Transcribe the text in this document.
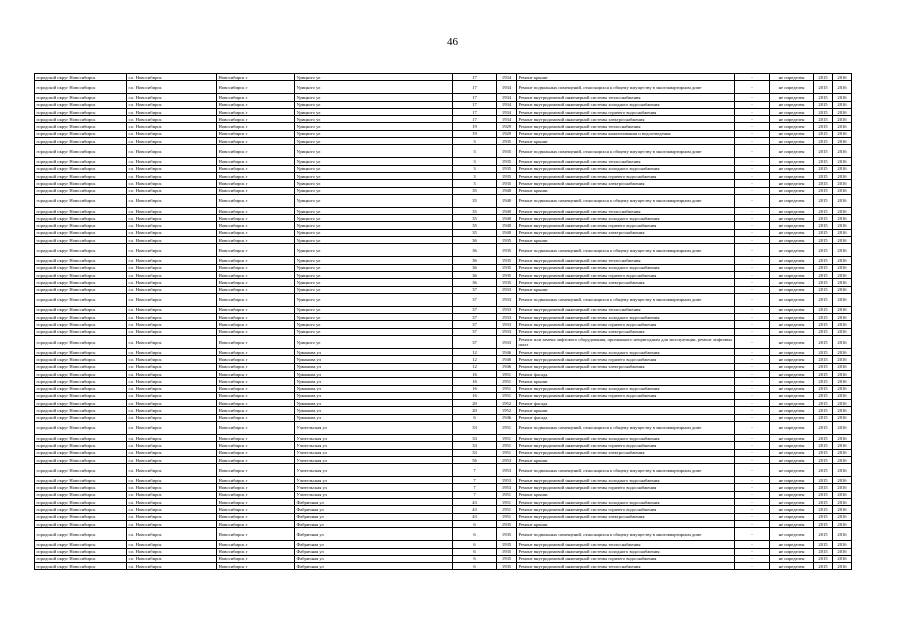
46
городской округ Новосибирск	г.о. Новосибирск	Новосибирск г	Урицкого ул	17	1934	Ремонт крыши	-	не определен	2015	2016
городской округ Новосибирск	г.о. Новосибирск	Новосибирск г	Урицкого ул	17	1934	Ремонт подвальных помещений, относящихся к общему имуществу в многоквартирном доме	-	не определен	2015	2016
городской округ Новосибирск	г.о. Новосибирск	Новосибирск г	Урицкого ул	17	1934	Ремонт внутридомовой инженерной системы теплоснабжения	-	не определен	2015	2016
городской округ Новосибирск	г.о. Новосибирск	Новосибирск г	Урицкого ул	17	1934	Ремонт внутридомовой инженерной системы холодного водоснабжения	-	не определен	2015	2016
городской округ Новосибирск	г.о. Новосибирск	Новосибирск г	Урицкого ул	17	1934	Ремонт внутридомовой инженерной системы горячего водоснабжения	-	не определен	2015	2016
городской округ Новосибирск	г.о. Новосибирск	Новосибирск г	Урицкого ул	17	1934	Ремонт внутридомовой инженерной системы электроснабжения	-	не определен	2015	2016
городской округ Новосибирск	г.о. Новосибирск	Новосибирск г	Урицкого ул	19	1929	Ремонт внутридомовой инженерной системы теплоснабжения	-	не определен	2015	2016
городской округ Новосибирск	г.о. Новосибирск	Новосибирск г	Урицкого ул	19	1929	Ремонт внутридомовой инженерной системы канализования и водоотведения	-	не определен	2015	2016
городской округ Новосибирск	г.о. Новосибирск	Новосибирск г	Урицкого ул	3	1935	Ремонт крыши	-	не определен	2015	2016
городской округ Новосибирск	г.о. Новосибирск	Новосибирск г	Урицкого ул	3	1935	Ремонт подвальных помещений, относящихся к общему имуществу в многоквартирном доме	-	не определен	2015	2016
городской округ Новосибирск	г.о. Новосибирск	Новосибирск г	Урицкого ул	3	1935	Ремонт внутридомовой инженерной системы теплоснабжения	-	не определен	2015	2016
городской округ Новосибирск	г.о. Новосибирск	Новосибирск г	Урицкого ул	3	1935	Ремонт внутридомовой инженерной системы холодного водоснабжения	-	не определен	2015	2016
городской округ Новосибирск	г.о. Новосибирск	Новосибирск г	Урицкого ул	3	1935	Ремонт внутридомовой инженерной системы горячего водоснабжения	-	не определен	2015	2016
городской округ Новосибирск	г.о. Новосибирск	Новосибирск г	Урицкого ул	3	1935	Ремонт внутридомовой инженерной системы электроснабжения	-	не определен	2015	2016
городской округ Новосибирск	г.о. Новосибирск	Новосибирск г	Урицкого ул	35	1940	Ремонт крыши	-	не определен	2015	2016
городской округ Новосибирск	г.о. Новосибирск	Новосибирск г	Урицкого ул	35	1940	Ремонт подвальных помещений, относящихся к общему имуществу в многоквартирном доме	-	не определен	2015	2016
городской округ Новосибирск	г.о. Новосибирск	Новосибирск г	Урицкого ул	35	1940	Ремонт внутридомовой инженерной системы теплоснабжения	-	не определен	2015	2016
городской округ Новосибирск	г.о. Новосибирск	Новосибирск г	Урицкого ул	35	1940	Ремонт внутридомовой инженерной системы холодного водоснабжения	-	не определен	2015	2016
городской округ Новосибирск	г.о. Новосибирск	Новосибирск г	Урицкого ул	35	1940	Ремонт внутридомовой инженерной системы горячего водоснабжения	-	не определен	2015	2016
городской округ Новосибирск	г.о. Новосибирск	Новосибирск г	Урицкого ул	35	1940	Ремонт внутридомовой инженерной системы электроснабжения	-	не определен	2015	2016
городской округ Новосибирск	г.о. Новосибирск	Новосибирск г	Урицкого ул	36	1935	Ремонт крыши	-	не определен	2015	2016
городской округ Новосибирск	г.о. Новосибирск	Новосибирск г	Урицкого ул	36	1935	Ремонт подвальных помещений, относящихся к общему имуществу в многоквартирном доме	-	не определен	2015	2016
городской округ Новосибирск	г.о. Новосибирск	Новосибирск г	Урицкого ул	36	1935	Ремонт внутридомовой инженерной системы теплоснабжения	-	не определен	2015	2016
городской округ Новосибирск	г.о. Новосибирск	Новосибирск г	Урицкого ул	36	1935	Ремонт внутридомовой инженерной системы холодного водоснабжения	-	не определен	2015	2016
городской округ Новосибирск	г.о. Новосибирск	Новосибирск г	Урицкого ул	36	1935	Ремонт внутридомовой инженерной системы горячего водоснабжения	-	не определен	2015	2016
городской округ Новосибирск	г.о. Новосибирск	Новосибирск г	Урицкого ул	36	1935	Ремонт внутридомовой инженерной системы электроснабжения	-	не определен	2015	2016
городской округ Новосибирск	г.о. Новосибирск	Новосибирск г	Урицкого ул	37	1933	Ремонт крыши	-	не определен	2015	2016
городской округ Новосибирск	г.о. Новосибирск	Новосибирск г	Урицкого ул	37	1933	Ремонт подвальных помещений, относящихся к общему имуществу в многоквартирном доме	-	не определен	2015	2016
городской округ Новосибирск	г.о. Новосибирск	Новосибирск г	Урицкого ул	37	1933	Ремонт внутридомовой инженерной системы теплоснабжения	-	не определен	2015	2016
городской округ Новосибирск	г.о. Новосибирск	Новосибирск г	Урицкого ул	37	1933	Ремонт внутридомовой инженерной системы холодного водоснабжения	-	не определен	2015	2016
городской округ Новосибирск	г.о. Новосибирск	Новосибирск г	Урицкого ул	37	1933	Ремонт внутридомовой инженерной системы горячего водоснабжения	-	не определен	2015	2016
городской округ Новосибирск	г.о. Новосибирск	Новосибирск г	Урицкого ул	37	1933	Ремонт внутридомовой инженерной системы электроснабжения	-	не определен	2015	2016
городской округ Новосибирск	г.о. Новосибирск	Новосибирск г	Урицкого ул	37	1933	Ремонт или замена лифтового оборудования, признанного непригодным для эксплуатации, ремонт лифтовых шахт	-	не определен	2015	2016
городской округ Новосибирск	г.о. Новосибирск	Новосибирск г	Урманова ул	12	1946	Ремонт внутридомовой инженерной системы холодного водоснабжения	-	не определен	2015	2016
городской округ Новосибирск	г.о. Новосибирск	Новосибирск г	Урманова ул	12	1946	Ремонт внутридомовой инженерной системы горячего водоснабжения	-	не определен	2015	2016
городской округ Новосибирск	г.о. Новосибирск	Новосибирск г	Урманова ул	12	1946	Ремонт внутридомовой инженерной системы электроснабжения	-	не определен	2015	2016
городской округ Новосибирск	г.о. Новосибирск	Новосибирск г	Урманова ул	16	1951	Ремонт фасада	-	не определен	2015	2016
городской округ Новосибирск	г.о. Новосибирск	Новосибирск г	Урманова ул	16	1951	Ремонт крыши	-	не определен	2015	2016
городской округ Новосибирск	г.о. Новосибирск	Новосибирск г	Урманова ул	16	1951	Ремонт внутридомовой инженерной системы холодного водоснабжения	-	не определен	2015	2016
городской округ Новосибирск	г.о. Новосибирск	Новосибирск г	Урманова ул	16	1951	Ремонт внутридомовой инженерной системы горячего водоснабжения	-	не определен	2015	2016
городской округ Новосибирск	г.о. Новосибирск	Новосибирск г	Урманова ул	20	1952	Ремонт фасада	-	не определен	2015	2016
городской округ Новосибирск	г.о. Новосибирск	Новосибирск г	Урманова ул	20	1952	Ремонт крыши	-	не определен	2015	2016
городской округ Новосибирск	г.о. Новосибирск	Новосибирск г	Урманова ул	6	1946	Ремонт фасада	-	не определен	2015	2016
городской округ Новосибирск	г.о. Новосибирск	Новосибирск г	Учительская ул	33	1951	Ремонт подвальных помещений, относящихся к общему имуществу в многоквартирном доме	-	не определен	2015	2016
городской округ Новосибирск	г.о. Новосибирск	Новосибирск г	Учительская ул	33	1951	Ремонт внутридомовой инженерной системы холодного водоснабжения	-	не определен	2015	2016
городской округ Новосибирск	г.о. Новосибирск	Новосибирск г	Учительская ул	33	1951	Ремонт внутридомовой инженерной системы горячего водоснабжения	-	не определен	2015	2016
городской округ Новосибирск	г.о. Новосибирск	Новосибирск г	Учительская ул	33	1951	Ремонт внутридомовой инженерной системы электроснабжения	-	не определен	2015	2016
городской округ Новосибирск	г.о. Новосибирск	Новосибирск г	Учительская ул	56	1953	Ремонт крыши	-	не определен	2015	2016
городской округ Новосибирск	г.о. Новосибирск	Новосибирск г	Учительская ул	7	1953	Ремонт подвальных помещений, относящихся к общему имуществу в многоквартирном доме	-	не определен	2015	2016
городской округ Новосибирск	г.о. Новосибирск	Новосибирск г	Учительская ул	7	1953	Ремонт внутридомовой инженерной системы холодного водоснабжения	-	не определен	2015	2016
городской округ Новосибирск	г.о. Новосибирск	Новосибирск г	Учительская ул	7	1953	Ремонт внутридомовой инженерной системы горячего водоснабжения	-	не определен	2015	2016
городской округ Новосибирск	г.о. Новосибирск	Новосибирск г	Учительская ул	7	1951	Ремонт крыши	-	не определен	2015	2016
городской округ Новосибирск	г.о. Новосибирск	Новосибирск г	Фабричная ул	43	1951	Ремонт внутридомовой инженерной системы холодного водоснабжения	-	не определен	2015	2016
городской округ Новосибирск	г.о. Новосибирск	Новосибирск г	Фабричная ул	43	1951	Ремонт внутридомовой инженерной системы горячего водоснабжения	-	не определен	2015	2016
городской округ Новосибирск	г.о. Новосибирск	Новосибирск г	Фабричная ул	43	1951	Ремонт внутридомовой инженерной системы электроснабжения	-	не определен	2015	2016
городской округ Новосибирск	г.о. Новосибирск	Новосибирск г	Фабричная ул	6	1935	Ремонт крыши	-	не определен	2015	2016
городской округ Новосибирск	г.о. Новосибирск	Новосибирск г	Фабричная ул	6	1935	Ремонт подвальных помещений, относящихся к общему имуществу в многоквартирном доме	-	не определен	2015	2016
городской округ Новосибирск	г.о. Новосибирск	Новосибирск г	Фабричная ул	6	1935	Ремонт внутридомовой инженерной системы теплоснабжения	-	не определен	2015	2016
городской округ Новосибирск	г.о. Новосибирск	Новосибирск г	Фабричная ул	6	1935	Ремонт внутридомовой инженерной системы холодного водоснабжения	-	не определен	2015	2016
городской округ Новосибирск	г.о. Новосибирск	Новосибирск г	Фабричная ул	6	1935	Ремонт внутридомовой инженерной системы горячего водоснабжения	-	не определен	2015	2016
городской округ Новосибирск	г.о. Новосибирск	Новосибирск г	Фабричная ул	6	1935	Ремонт внутридомовой инженерной системы теплоснабжения	-	не определен	2015	2016
